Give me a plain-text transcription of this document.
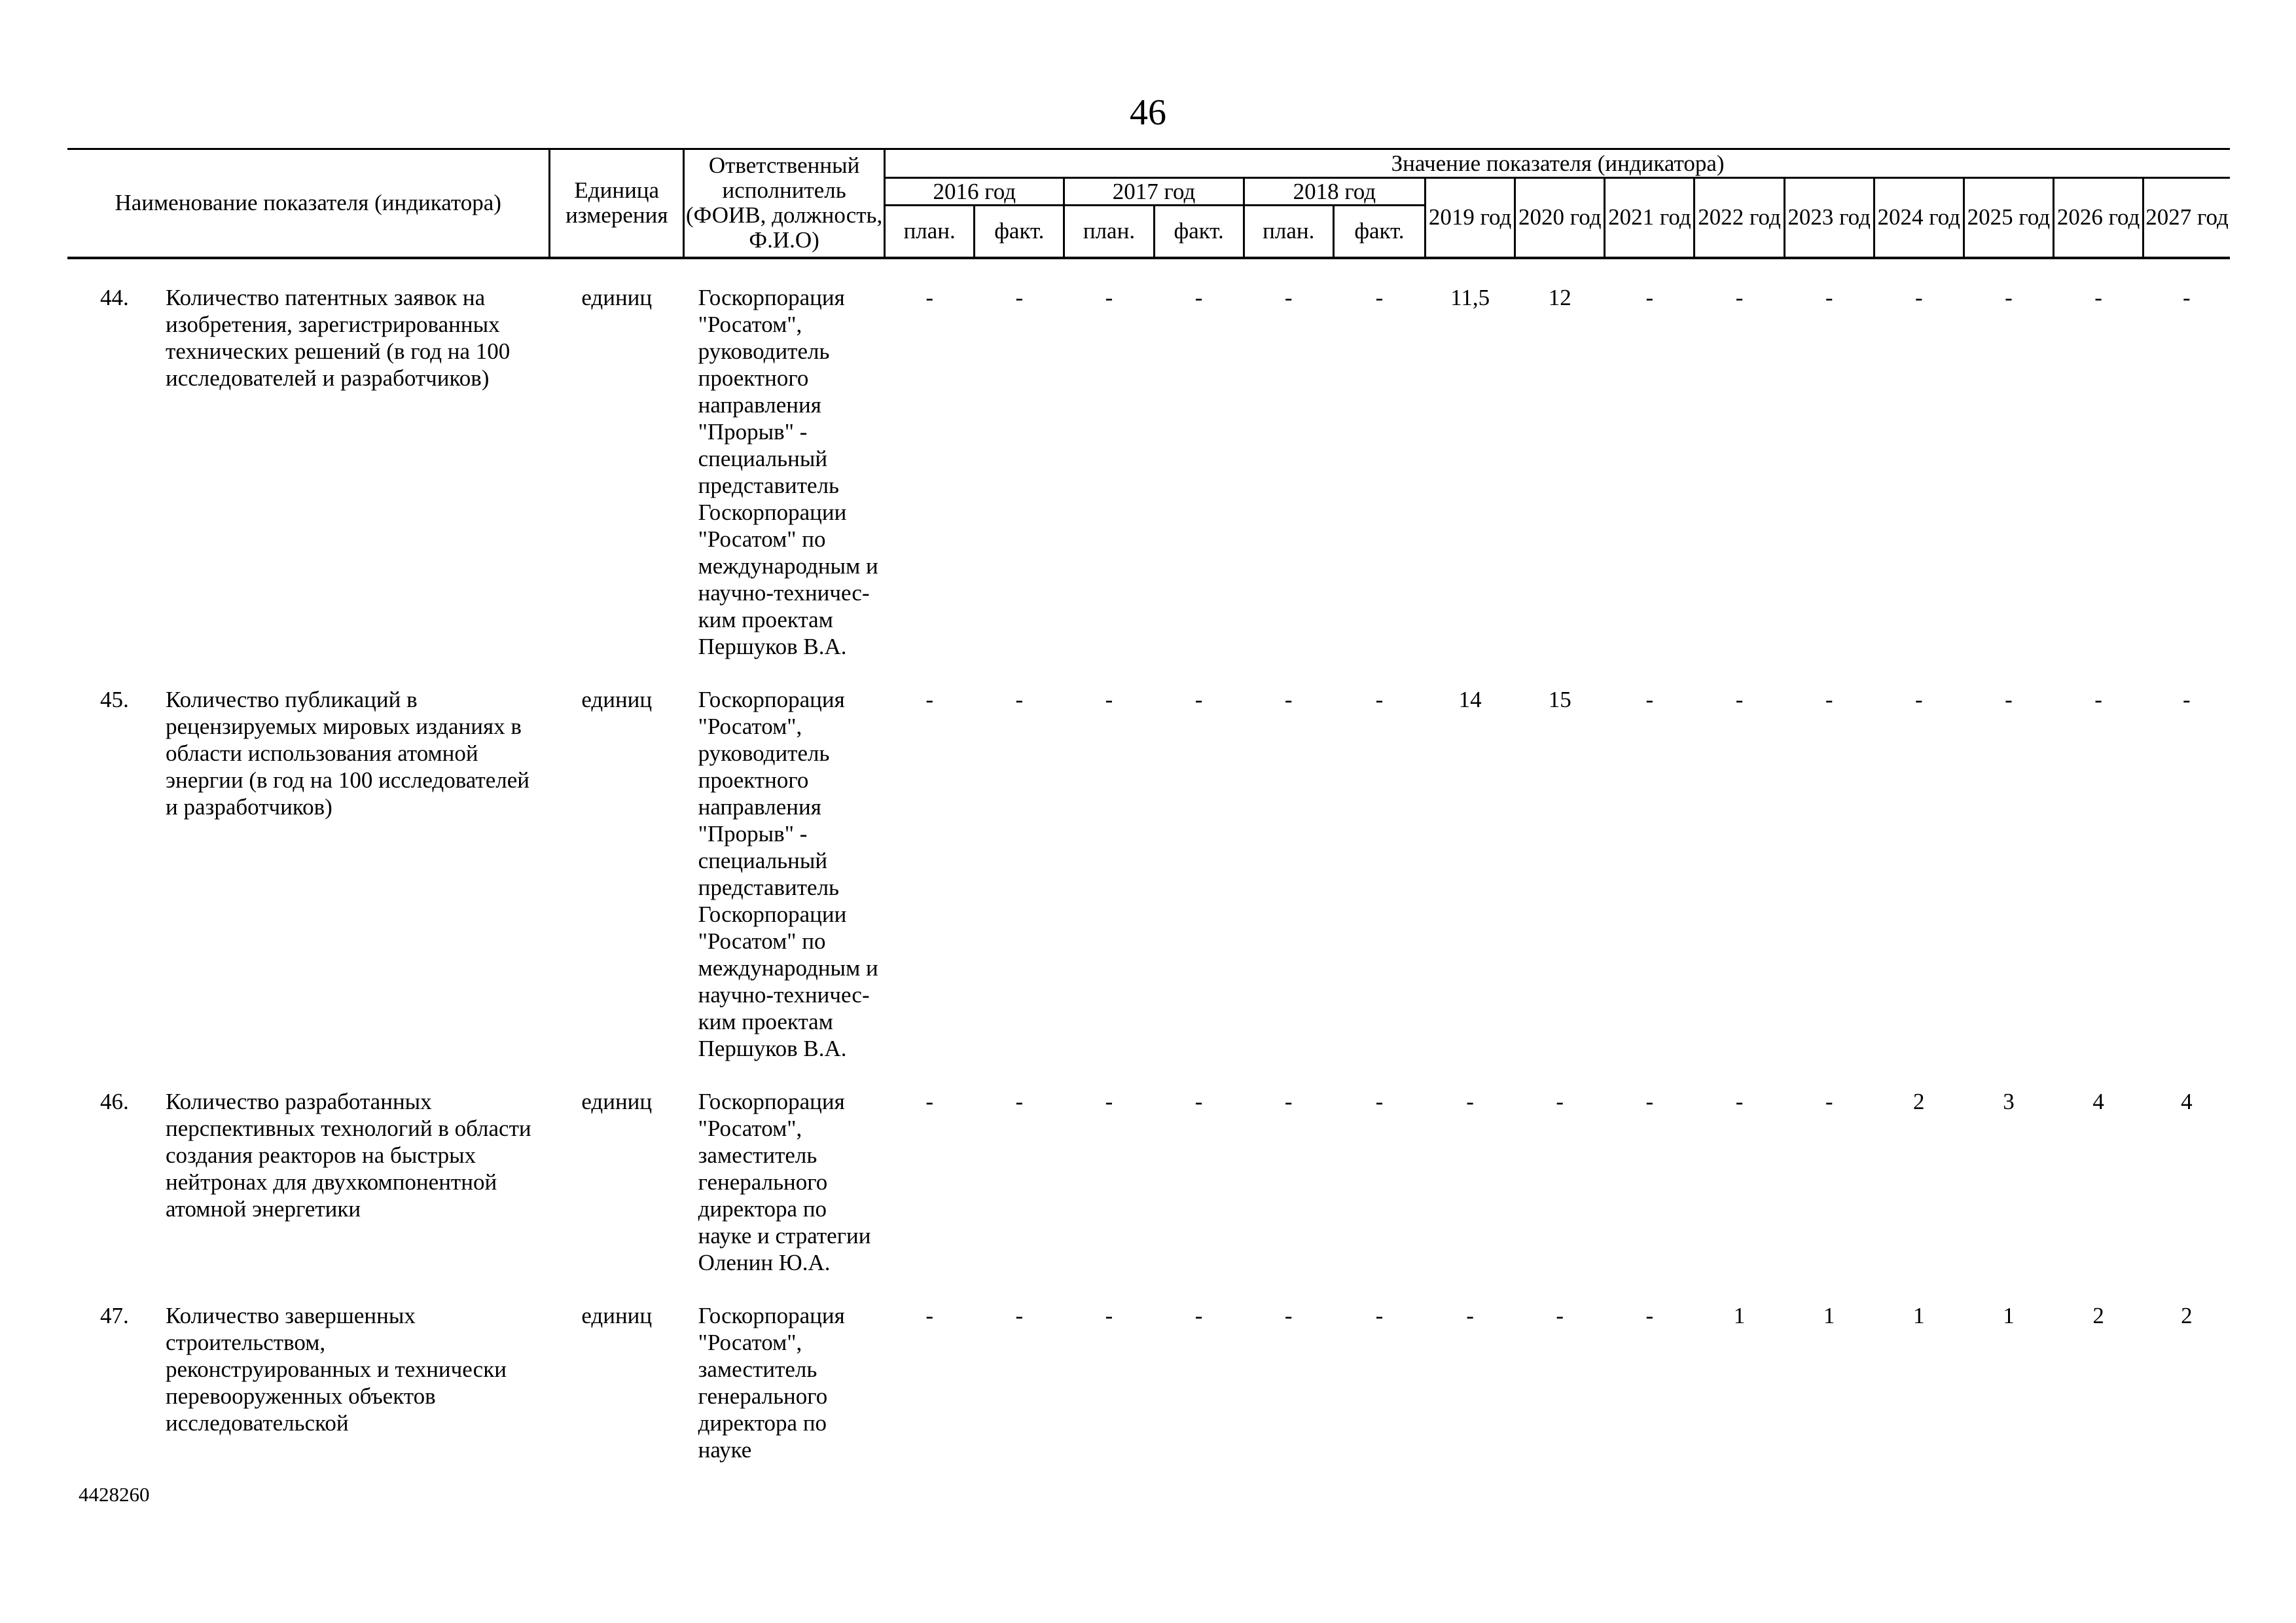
46
Наименование показателя (индикатора)	Единица измерения	Ответственный исполнитель (ФОИВ, должность, Ф.И.О)	Значение показателя (индикатора)														
			2016 год		2017 год		2018 год		2019 год	2020 год	2021 год	2022 год	2023 год	2024 год	2025 год	2026 год	2027 год
			план.	факт.	план.	факт.	план.	факт.									

44. Количество патентных заявок на изобретения, зарегистрированных технических решений (в год на 100 исследователей и разработчиков)	единиц	Госкорпорация "Росатом", руководитель проектного направления "Прорыв" - специальный представитель Госкорпорации "Росатом" по международным и научно-техничес-ким проектам Першуков В.А.	-	-	-	-	-	-	11,5	12	-	-	-	-	-	-	-

45. Количество публикаций в рецензируемых мировых изданиях в области использования атомной энергии (в год на 100 исследователей и разработчиков)	единиц	Госкорпорация "Росатом", руководитель проектного направления "Прорыв" - специальный представитель Госкорпорации "Росатом" по международным и научно-техничес-ким проектам Першуков В.А.	-	-	-	-	-	-	14	15	-	-	-	-	-	-	-

46. Количество разработанных перспективных технологий в области создания реакторов на быстрых нейтронах для двухкомпонентной атомной энергетики	единиц	Госкорпорация "Росатом", заместитель генерального директора по науке и стратегии Оленин Ю.А.	-	-	-	-	-	-	-	-	-	-	-	2	3	4	4

47. Количество завершенных строительством, реконструированных и технически перевооруженных объектов исследовательской	единиц	Госкорпорация "Росатом", заместитель генерального директора по науке	-	-	-	-	-	-	-	-	-	1	1	1	1	2	2
4428260
